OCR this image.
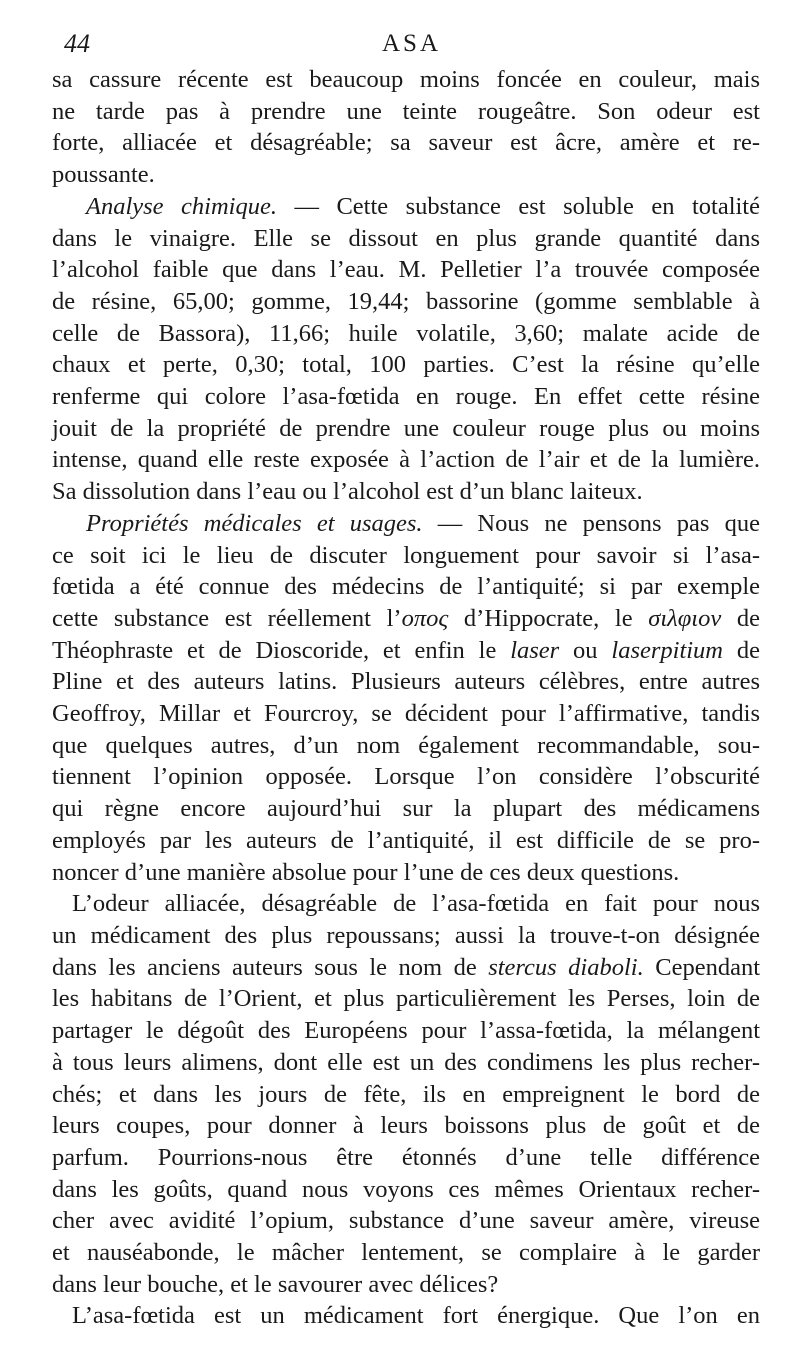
44	ASA
sa cassure récente est beaucoup moins foncée en couleur, mais
ne tarde pas à prendre une teinte rougeâtre. Son odeur est
forte, alliacée et désagréable; sa saveur est âcre, amère et re-
poussante.
Analyse chimique. — Cette substance est soluble en totalité
dans le vinaigre. Elle se dissout en plus grande quantité dans
l’alcohol faible que dans l’eau. M. Pelletier l’a trouvée composée
de résine, 65,00; gomme, 19,44; bassorine (gomme semblable à
celle de Bassora), 11,66; huile volatile, 3,60; malate acide de
chaux et perte, 0,30; total, 100 parties. C’est la résine qu’elle
renferme qui colore l’asa-fœtida en rouge. En effet cette résine
jouit de la propriété de prendre une couleur rouge plus ou moins
intense, quand elle reste exposée à l’action de l’air et de la lumière.
Sa dissolution dans l’eau ou l’alcohol est d’un blanc laiteux.
Propriétés médicales et usages. — Nous ne pensons pas que
ce soit ici le lieu de discuter longuement pour savoir si l’asa-
fœtida a été connue des médecins de l’antiquité; si par exemple
cette substance est réellement l’οπος d’Hippocrate, le σιλφιον de
Théophraste et de Dioscoride, et enfin le laser ou laserpitium de
Pline et des auteurs latins. Plusieurs auteurs célèbres, entre autres
Geoffroy, Millar et Fourcroy, se décident pour l’affirmative, tandis
que quelques autres, d’un nom également recommandable, sou-
tiennent l’opinion opposée. Lorsque l’on considère l’obscurité
qui règne encore aujourd’hui sur la plupart des médicamens
employés par les auteurs de l’antiquité, il est difficile de se pro-
noncer d’une manière absolue pour l’une de ces deux questions.
L’odeur alliacée, désagréable de l’asa-fœtida en fait pour nous
un médicament des plus repoussans; aussi la trouve-t-on désignée
dans les anciens auteurs sous le nom de stercus diaboli. Cependant
les habitans de l’Orient, et plus particulièrement les Perses, loin de
partager le dégoût des Européens pour l’assa-fœtida, la mélangent
à tous leurs alimens, dont elle est un des condimens les plus recher-
chés; et dans les jours de fête, ils en empreignent le bord de
leurs coupes, pour donner à leurs boissons plus de goût et de
parfum. Pourrions-nous être étonnés d’une telle différence
dans les goûts, quand nous voyons ces mêmes Orientaux recher-
cher avec avidité l’opium, substance d’une saveur amère, vireuse
et nauséabonde, le mâcher lentement, se complaire à le garder
dans leur bouche, et le savourer avec délices?
L’asa-fœtida est un médicament fort énergique. Que l’on en
